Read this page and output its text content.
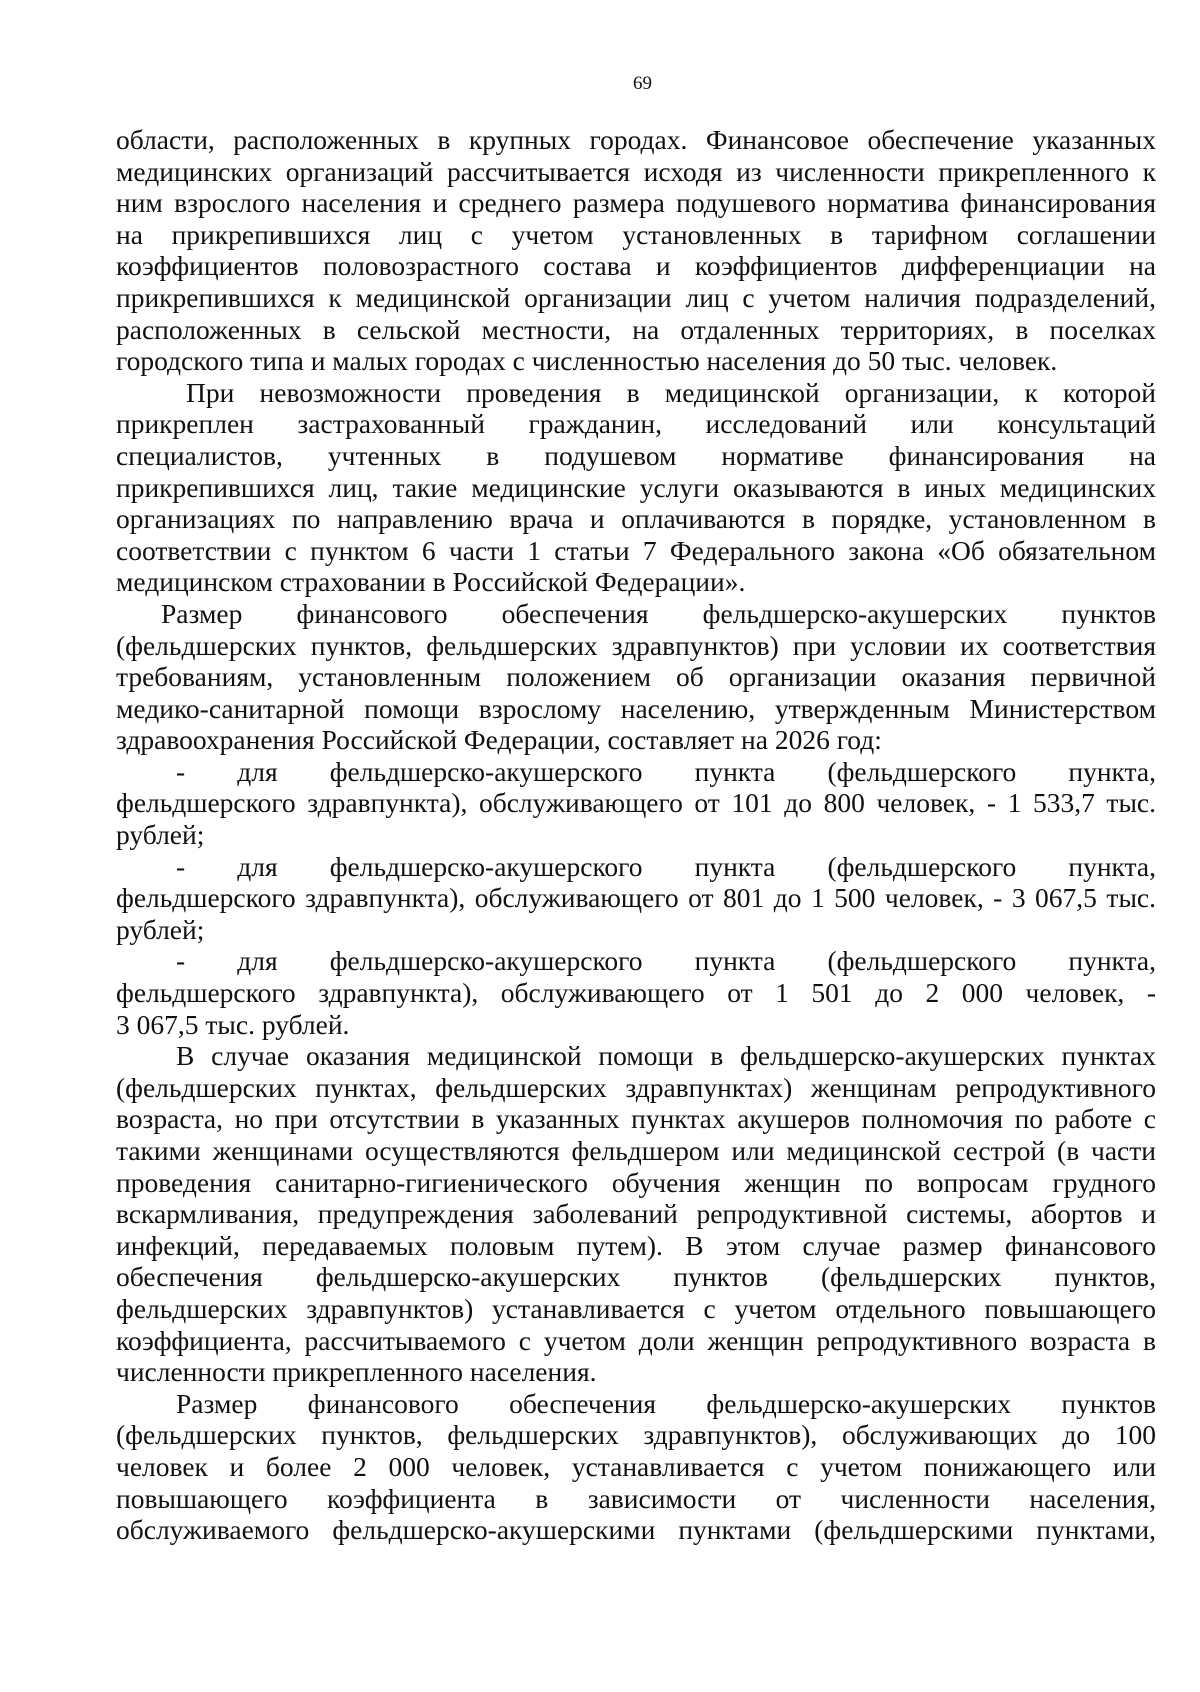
69
области, расположенных в крупных городах. Финансовое обеспечение указанных
медицинских организаций рассчитывается исходя из численности прикрепленного к
ним взрослого населения и среднего размера подушевого норматива финансирования
на прикрепившихся лиц с учетом установленных в тарифном соглашении
коэффициентов половозрастного состава и коэффициентов дифференциации на
прикрепившихся к медицинской организации лиц с учетом наличия подразделений,
расположенных в сельской местности, на отдаленных территориях, в поселках
городского типа и малых городах с численностью населения до 50 тыс. человек.
При невозможности проведения в медицинской организации, к которой
прикреплен застрахованный гражданин, исследований или консультаций
специалистов, учтенных в подушевом нормативе финансирования на
прикрепившихся лиц, такие медицинские услуги оказываются в иных медицинских
организациях по направлению врача и оплачиваются в порядке, установленном в
соответствии с пунктом 6 части 1 статьи 7 Федерального закона «Об обязательном
медицинском страховании в Российской Федерации».
Размер финансового обеспечения фельдшерско-акушерских пунктов
(фельдшерских пунктов, фельдшерских здравпунктов) при условии их соответствия
требованиям, установленным положением об организации оказания первичной
медико-санитарной помощи взрослому населению, утвержденным Министерством
здравоохранения Российской Федерации, составляет на 2026 год:
- для фельдшерско-акушерского пункта (фельдшерского пункта,
фельдшерского здравпункта), обслуживающего от 101 до 800 человек, - 1 533,7 тыс.
рублей;
- для фельдшерско-акушерского пункта (фельдшерского пункта,
фельдшерского здравпункта), обслуживающего от 801 до 1 500 человек, - 3 067,5 тыс.
рублей;
- для фельдшерско-акушерского пункта (фельдшерского пункта,
фельдшерского здравпункта), обслуживающего от 1 501 до 2 000 человек, -
3 067,5 тыс. рублей.
В случае оказания медицинской помощи в фельдшерско-акушерских пунктах
(фельдшерских пунктах, фельдшерских здравпунктах) женщинам репродуктивного
возраста, но при отсутствии в указанных пунктах акушеров полномочия по работе с
такими женщинами осуществляются фельдшером или медицинской сестрой (в части
проведения санитарно-гигиенического обучения женщин по вопросам грудного
вскармливания, предупреждения заболеваний репродуктивной системы, абортов и
инфекций, передаваемых половым путем). В этом случае размер финансового
обеспечения фельдшерско-акушерских пунктов (фельдшерских пунктов,
фельдшерских здравпунктов) устанавливается с учетом отдельного повышающего
коэффициента, рассчитываемого с учетом доли женщин репродуктивного возраста в
численности прикрепленного населения.
Размер финансового обеспечения фельдшерско-акушерских пунктов
(фельдшерских пунктов, фельдшерских здравпунктов), обслуживающих до 100
человек и более 2 000 человек, устанавливается с учетом понижающего или
повышающего коэффициента в зависимости от численности населения,
обслуживаемого фельдшерско-акушерскими пунктами (фельдшерскими пунктами,
